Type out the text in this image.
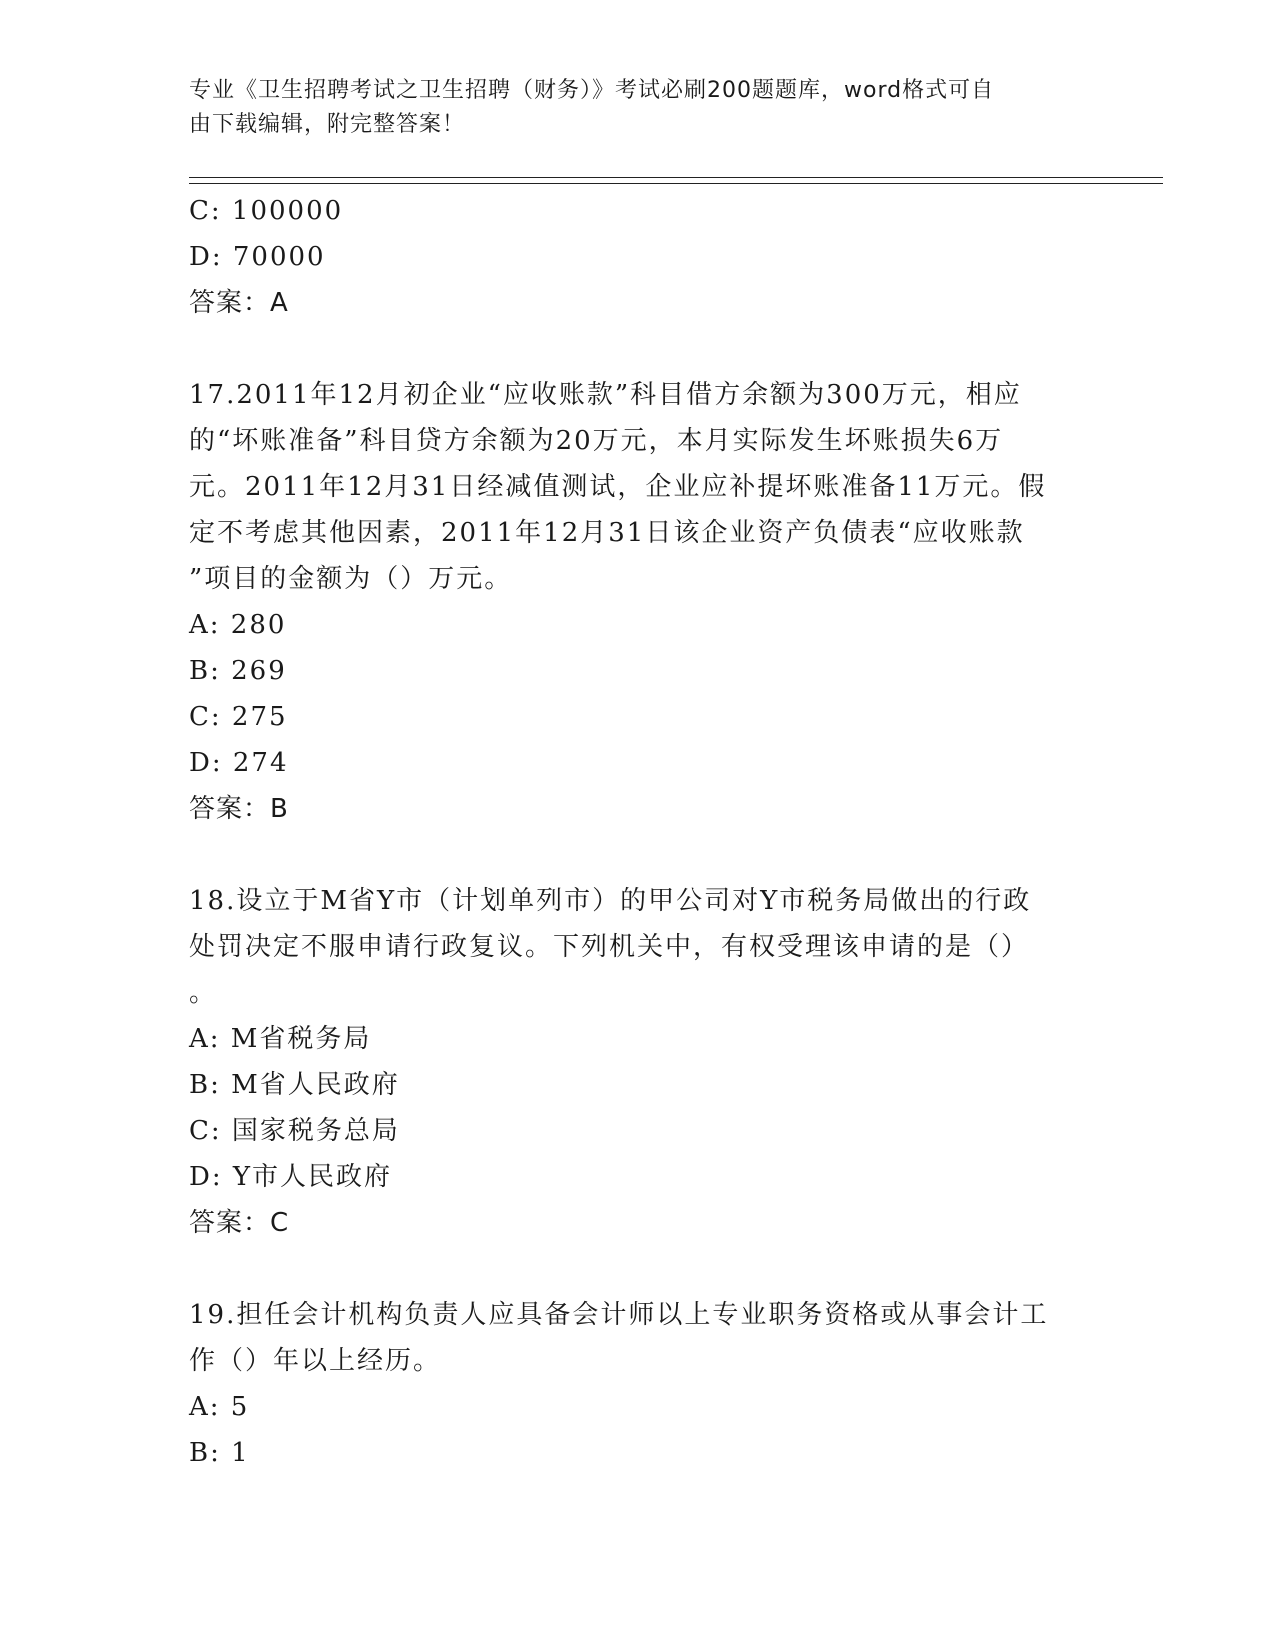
专业《卫生招聘考试之卫生招聘（财务）》考试必刷200题题库，word格式可自
由下载编辑，附完整答案！
C: 100000
D: 70000
答案：A
17.2011年12月初企业“应收账款”科目借方余额为300万元，相应
的“坏账准备”科目贷方余额为20万元，本月实际发生坏账损失6万
元。2011年12月31日经减值测试，企业应补提坏账准备11万元。假
定不考虑其他因素，2011年12月31日该企业资产负债表“应收账款
”项目的金额为（）万元。
A: 280
B: 269
C: 275
D: 274
答案：B
18.设立于M省Y市（计划单列市）的甲公司对Y市税务局做出的行政
处罚决定不服申请行政复议。下列机关中，有权受理该申请的是（）
。
A: M省税务局
B: M省人民政府
C: 国家税务总局
D: Y市人民政府
答案：C
19.担任会计机构负责人应具备会计师以上专业职务资格或从事会计工
作（）年以上经历。
A: 5
B: 1
